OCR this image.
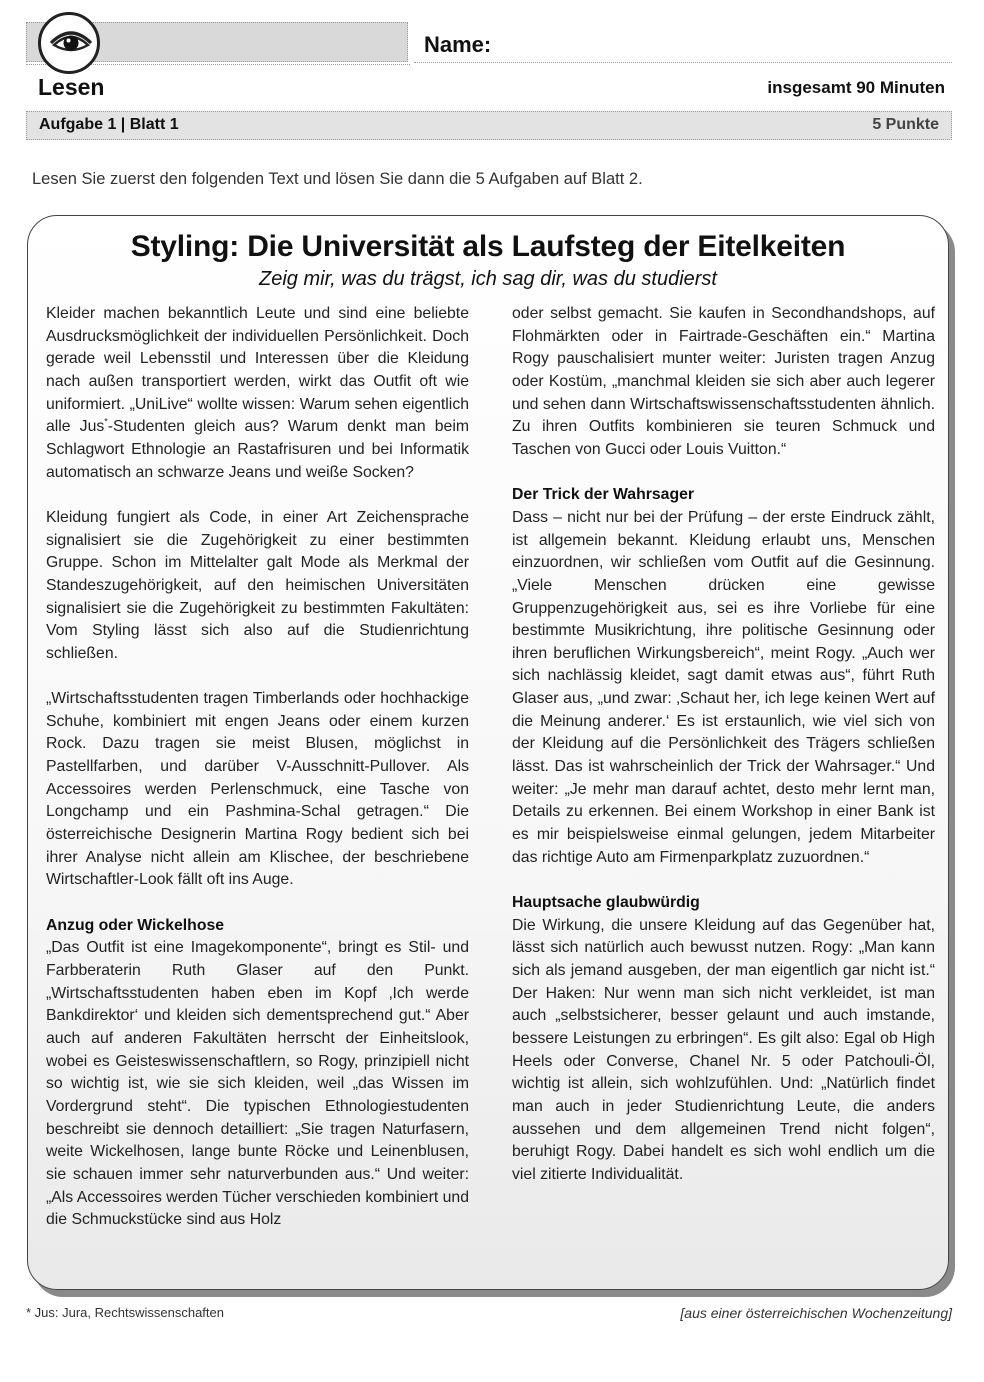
Name:
Lesen	insgesamt 90 Minuten
Aufgabe 1 | Blatt 1	5 Punkte
Lesen Sie zuerst den folgenden Text und lösen Sie dann die 5 Aufgaben auf Blatt 2.
Styling: Die Universität als Laufsteg der Eitelkeiten
Zeig mir, was du trägst, ich sag dir, was du studierst

Kleider machen bekanntlich Leute und sind eine beliebte Ausdrucksmöglichkeit der individuellen Persönlichkeit. Doch gerade weil Lebensstil und Interessen über die Kleidung nach außen transportiert werden, wirkt das Outfit oft wie uniformiert. „UniLive“ wollte wissen: Warum sehen eigentlich alle Jus*-Studenten gleich aus? Warum denkt man beim Schlagwort Ethnologie an Rastafrisuren und bei Informatik automatisch an schwarze Jeans und weiße Socken?

Kleidung fungiert als Code, in einer Art Zeichensprache signalisiert sie die Zugehörigkeit zu einer bestimmten Gruppe. Schon im Mittelalter galt Mode als Merkmal der Standeszugehörigkeit, auf den heimischen Universitäten signalisiert sie die Zugehörigkeit zu bestimmten Fakultäten: Vom Styling lässt sich also auf die Studienrichtung schließen.

„Wirtschaftsstudenten tragen Timberlands oder hochhackige Schuhe, kombiniert mit engen Jeans oder einem kurzen Rock. Dazu tragen sie meist Blusen, möglichst in Pastellfarben, und darüber V-Ausschnitt-Pullover. Als Accessoires werden Perlenschmuck, eine Tasche von Longchamp und ein Pashmina-Schal getragen.“ Die österreichische Designerin Martina Rogy bedient sich bei ihrer Analyse nicht allein am Klischee, der beschriebene Wirtschaftler-Look fällt oft ins Auge.

Anzug oder Wickelhose

„Das Outfit ist eine Imagekomponente“, bringt es Stil- und Farbberaterin Ruth Glaser auf den Punkt. „Wirtschaftsstudenten haben eben im Kopf ‚Ich werde Bankdirektor‘ und kleiden sich dementsprechend gut.“ Aber auch auf anderen Fakultäten herrscht der Einheitslook, wobei es Geisteswissenschaftlern, so Rogy, prinzipiell nicht so wichtig ist, wie sie sich kleiden, weil „das Wissen im Vordergrund steht“. Die typischen Ethnologiestudenten beschreibt sie dennoch detailliert: „Sie tragen Naturfasern, weite Wickelhosen, lange bunte Röcke und Leinenblusen, sie schauen immer sehr naturverbunden aus.“ Und weiter: „Als Accessoires werden Tücher verschieden kombiniert und die Schmuckstücke sind aus Holz

oder selbst gemacht. Sie kaufen in Secondhandshops, auf Flohmärkten oder in Fairtrade-Geschäften ein.“ Martina Rogy pauschalisiert munter weiter: Juristen tragen Anzug oder Kostüm, „manchmal kleiden sie sich aber auch legerer und sehen dann Wirtschaftswissenschaftsstudenten ähnlich. Zu ihren Outfits kombinieren sie teuren Schmuck und Taschen von Gucci oder Louis Vuitton.“

Der Trick der Wahrsager

Dass – nicht nur bei der Prüfung – der erste Eindruck zählt, ist allgemein bekannt. Kleidung erlaubt uns, Menschen einzuordnen, wir schließen vom Outfit auf die Gesinnung. „Viele Menschen drücken eine gewisse Gruppenzugehörigkeit aus, sei es ihre Vorliebe für eine bestimmte Musikrichtung, ihre politische Gesinnung oder ihren beruflichen Wirkungsbereich“, meint Rogy. „Auch wer sich nachlässig kleidet, sagt damit etwas aus“, führt Ruth Glaser aus, „und zwar: ‚Schaut her, ich lege keinen Wert auf die Meinung anderer.‘ Es ist erstaunlich, wie viel sich von der Kleidung auf die Persönlichkeit des Trägers schließen lässt. Das ist wahrscheinlich der Trick der Wahrsager.“ Und weiter: „Je mehr man darauf achtet, desto mehr lernt man, Details zu erkennen. Bei einem Workshop in einer Bank ist es mir beispielsweise einmal gelungen, jedem Mitarbeiter das richtige Auto am Firmenparkplatz zuzuordnen.“

Hauptsache glaubwürdig

Die Wirkung, die unsere Kleidung auf das Gegenüber hat, lässt sich natürlich auch bewusst nutzen. Rogy: „Man kann sich als jemand ausgeben, der man eigentlich gar nicht ist.“ Der Haken: Nur wenn man sich nicht verkleidet, ist man auch „selbstsicherer, besser gelaunt und auch imstande, bessere Leistungen zu erbringen“. Es gilt also: Egal ob High Heels oder Converse, Chanel Nr. 5 oder Patchouli-Öl, wichtig ist allein, sich wohlzufühlen. Und: „Natürlich findet man auch in jeder Studienrichtung Leute, die anders aussehen und dem allgemeinen Trend nicht folgen“, beruhigt Rogy. Dabei handelt es sich wohl endlich um die viel zitierte Individualität.

* Jus: Jura, Rechtswissenschaften	[aus einer österreichischen Wochenzeitung]
